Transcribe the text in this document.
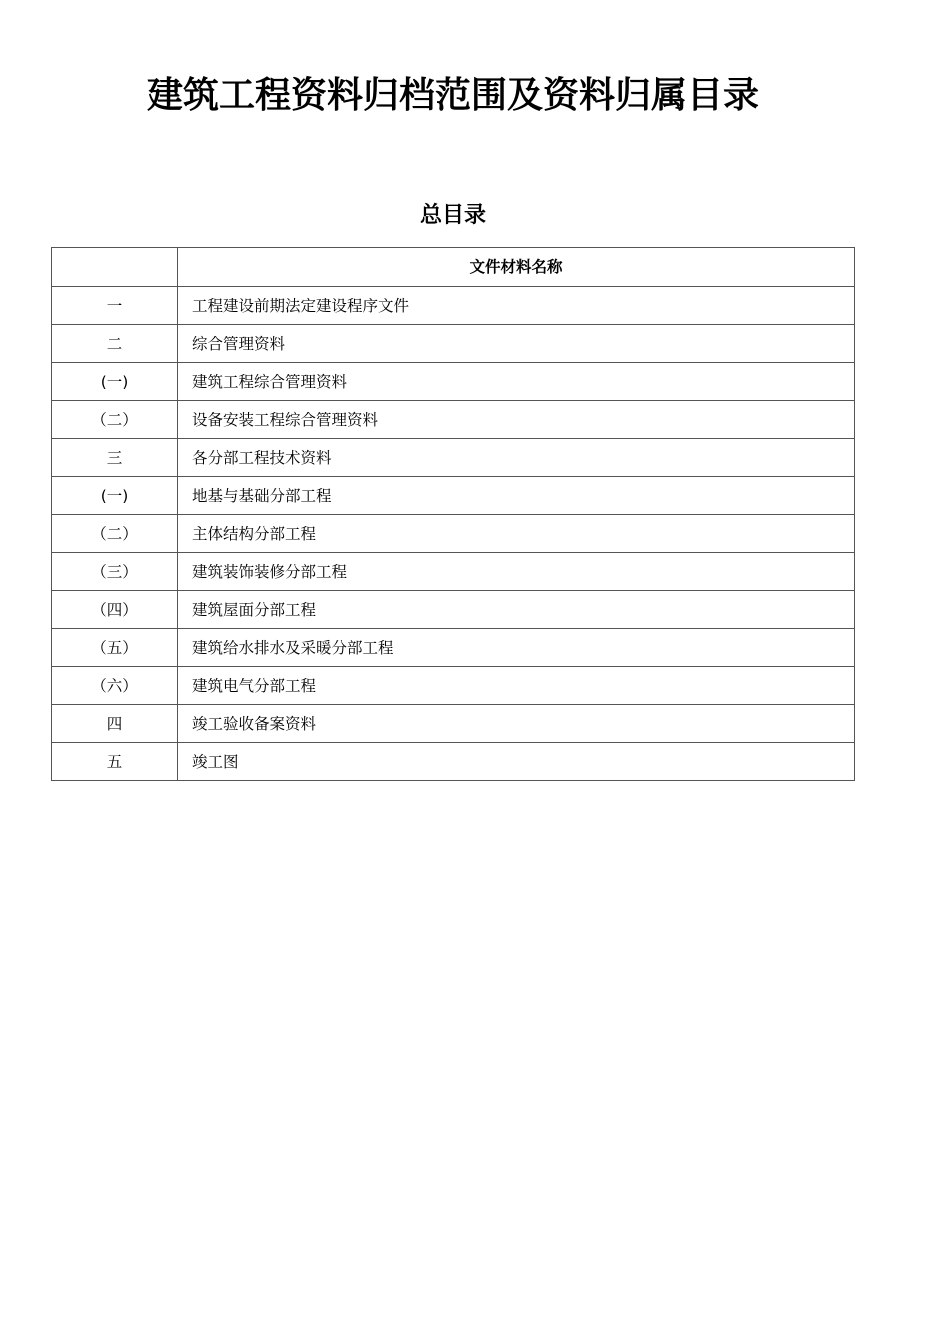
建筑工程资料归档范围及资料归属目录
总目录
	文件材料名称
一	工程建设前期法定建设程序文件
二	综合管理资料
(一)	建筑工程综合管理资料
（二）	设备安装工程综合管理资料
三	各分部工程技术资料
(一)	地基与基础分部工程
（二）	主体结构分部工程
（三）	建筑装饰装修分部工程
（四）	建筑屋面分部工程
（五）	建筑给水排水及采暖分部工程
（六）	建筑电气分部工程
四	竣工验收备案资料
五	竣工图
